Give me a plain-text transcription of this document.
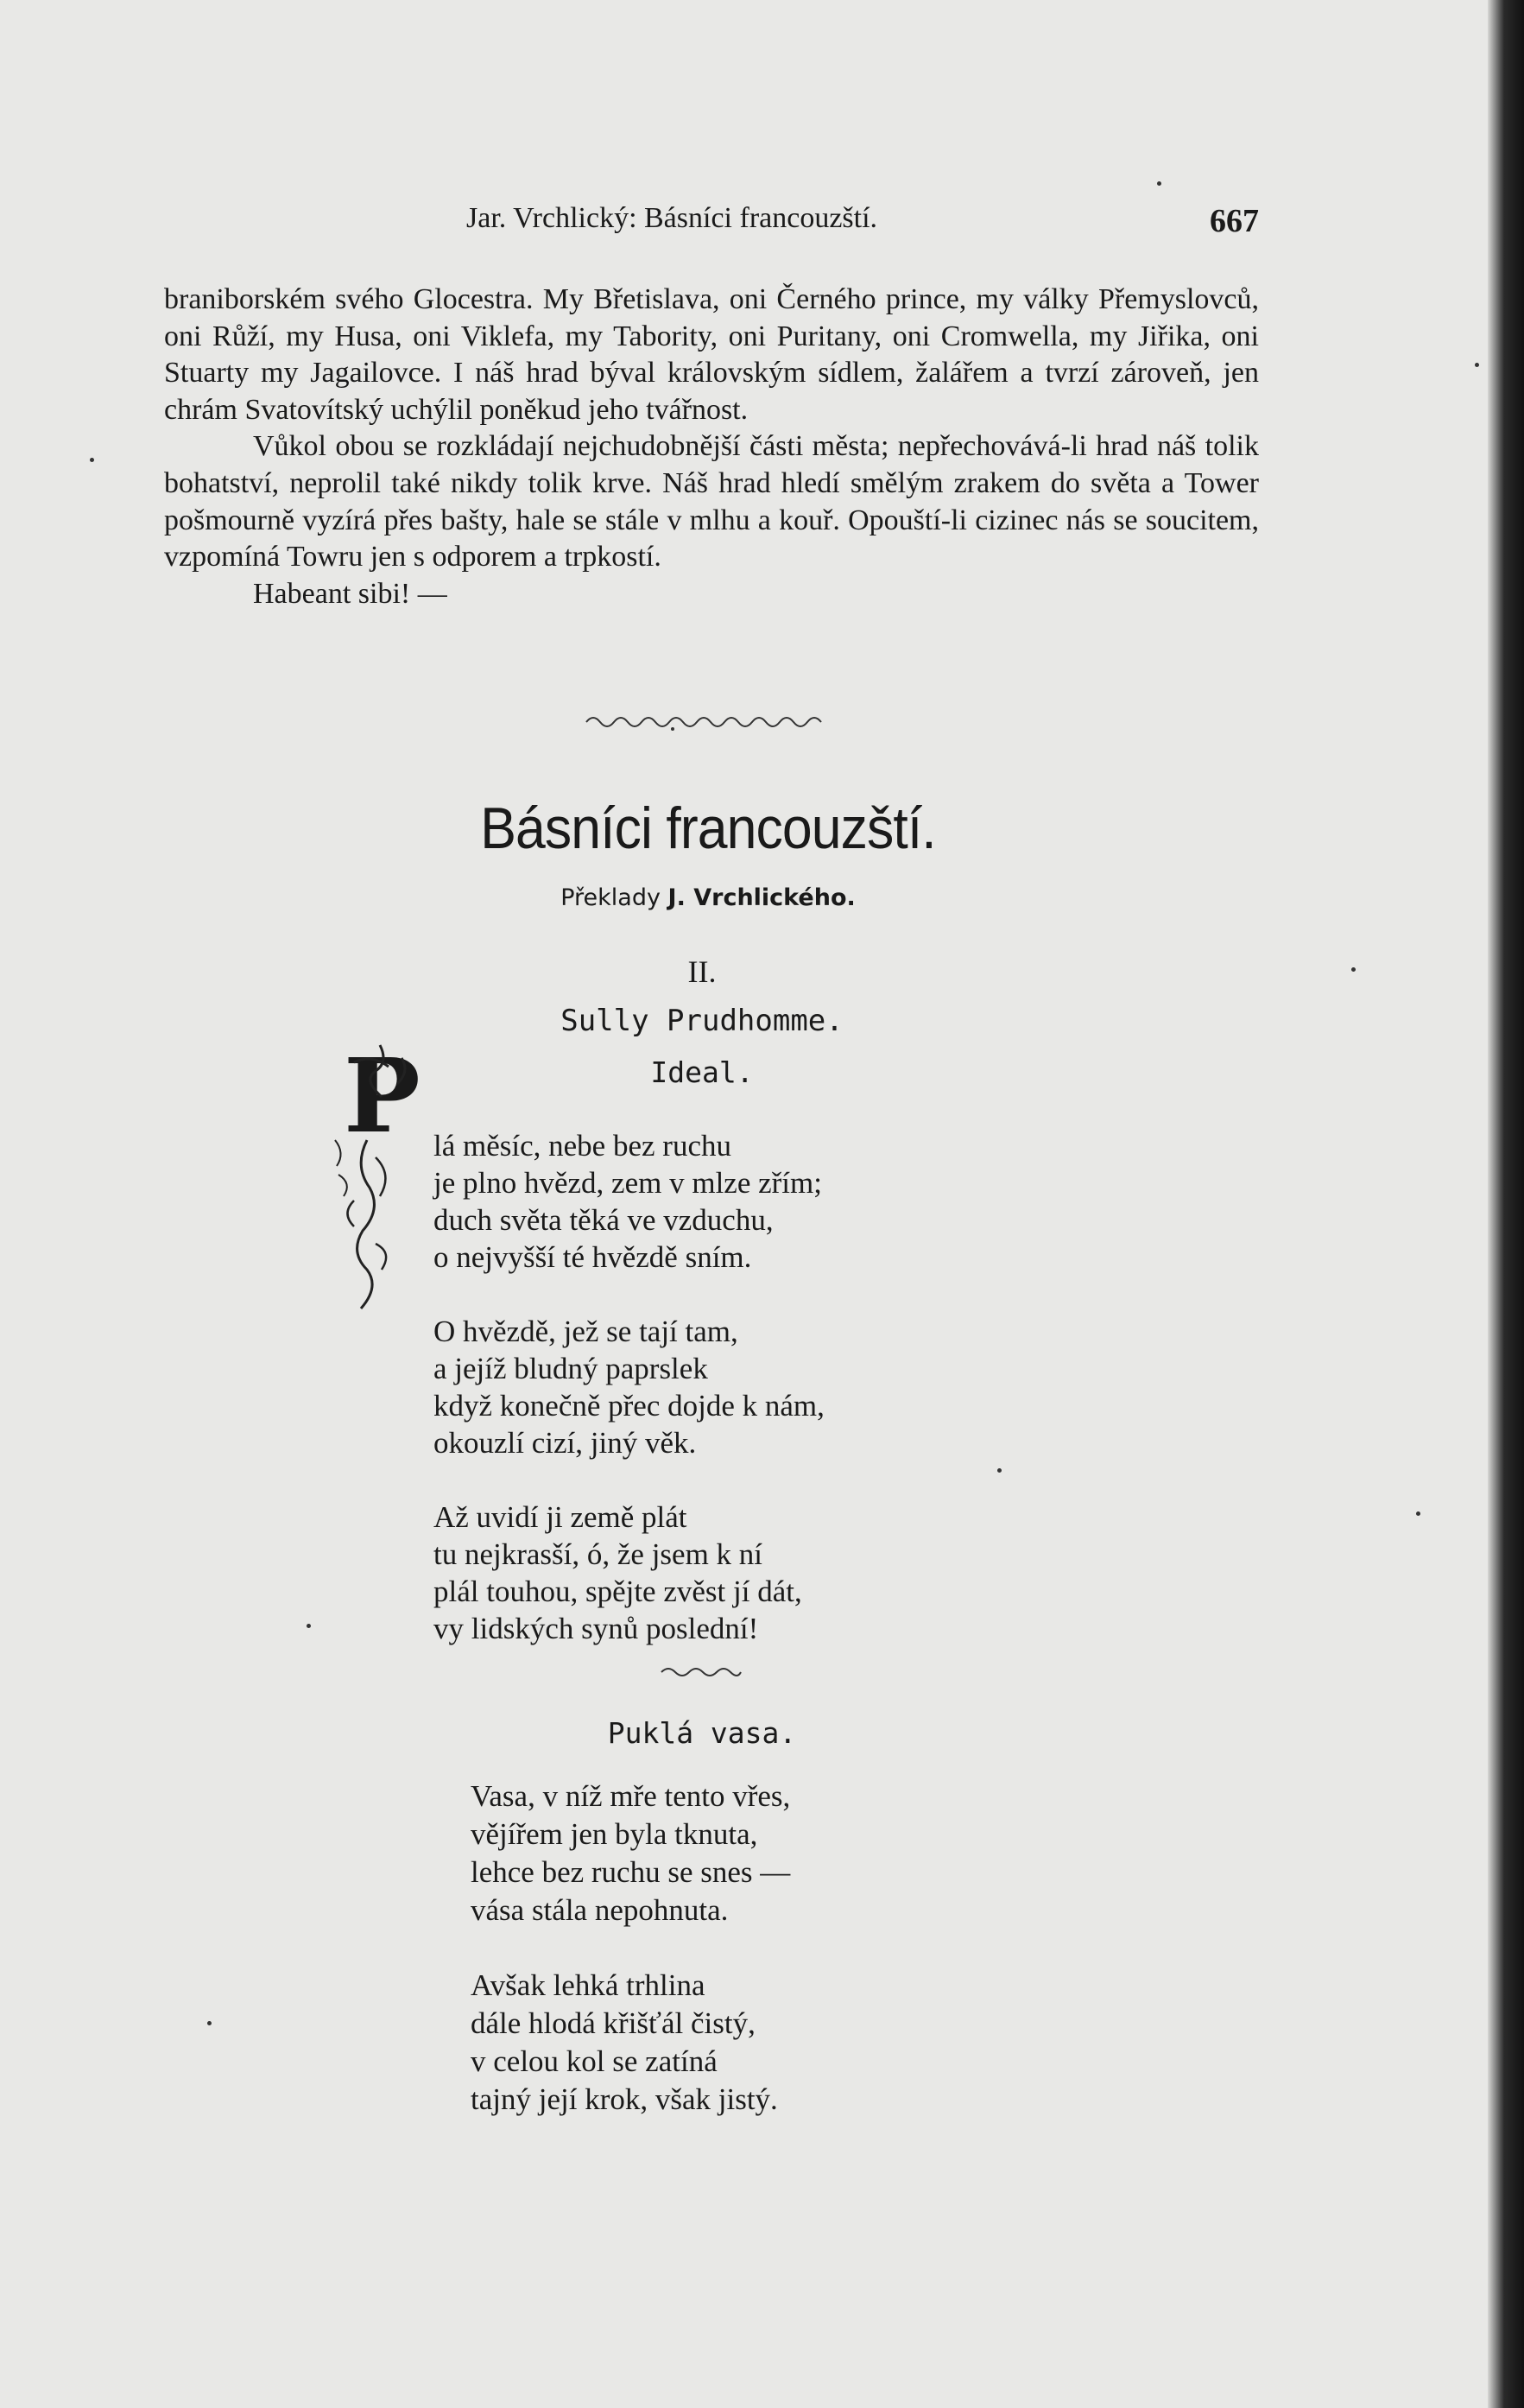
Jar. Vrchlický: Básníci francouzští.	667

braniborském svého Glocestra. My Břetislava, oni Černého prince, my války Přemyslovců, oni Růží, my Husa, oni Viklefa, my Tabority, oni Puritany, oni Cromwella, my Jiřika, oni Stuarty my Jagailovce. I náš hrad býval královským sídlem, žalářem a tvrzí zároveň, jen chrám Svatovítský uchýlil poněkud jeho tvářnost.

Vůkol obou se rozkládají nejchudobnější části města; nepřechovává-li hrad náš tolik bohatství, neprolil také nikdy tolik krve. Náš hrad hledí smělým zrakem do světa a Tower pošmourně vyzírá přes bašty, hale se stále v mlhu a kouř. Opouští-li cizinec nás se soucitem, vzpomíná Towru jen s odporem a trpkostí.

Habeant sibi! —

Básníci francouzští.
Překlady J. Vrchlického.
II.
Sully Prudhomme.
Ideal.
P lá měsíc, nebe bez ruchu
je plno hvězd, zem v mlze zřím;
duch světa těká ve vzduchu,
o nejvyšší té hvězdě sním.
O hvězdě, jež se tají tam,
a jejíž bludný paprslek
když konečně přec dojde k nám,
okouzlí cizí, jiný věk.
Až uvidí ji země plát
tu nejkrasší, ó, že jsem k ní
plál touhou, spějte zvěst jí dát,
vy lidských synů poslední!
Puklá vasa.
Vasa, v níž mře tento vřes,
vějířem jen byla tknuta,
lehce bez ruchu se snes —
vása stála nepohnuta.
Avšak lehká trhlina
dále hlodá křišťál čistý,
v celou kol se zatíná
tajný její krok, však jistý.
